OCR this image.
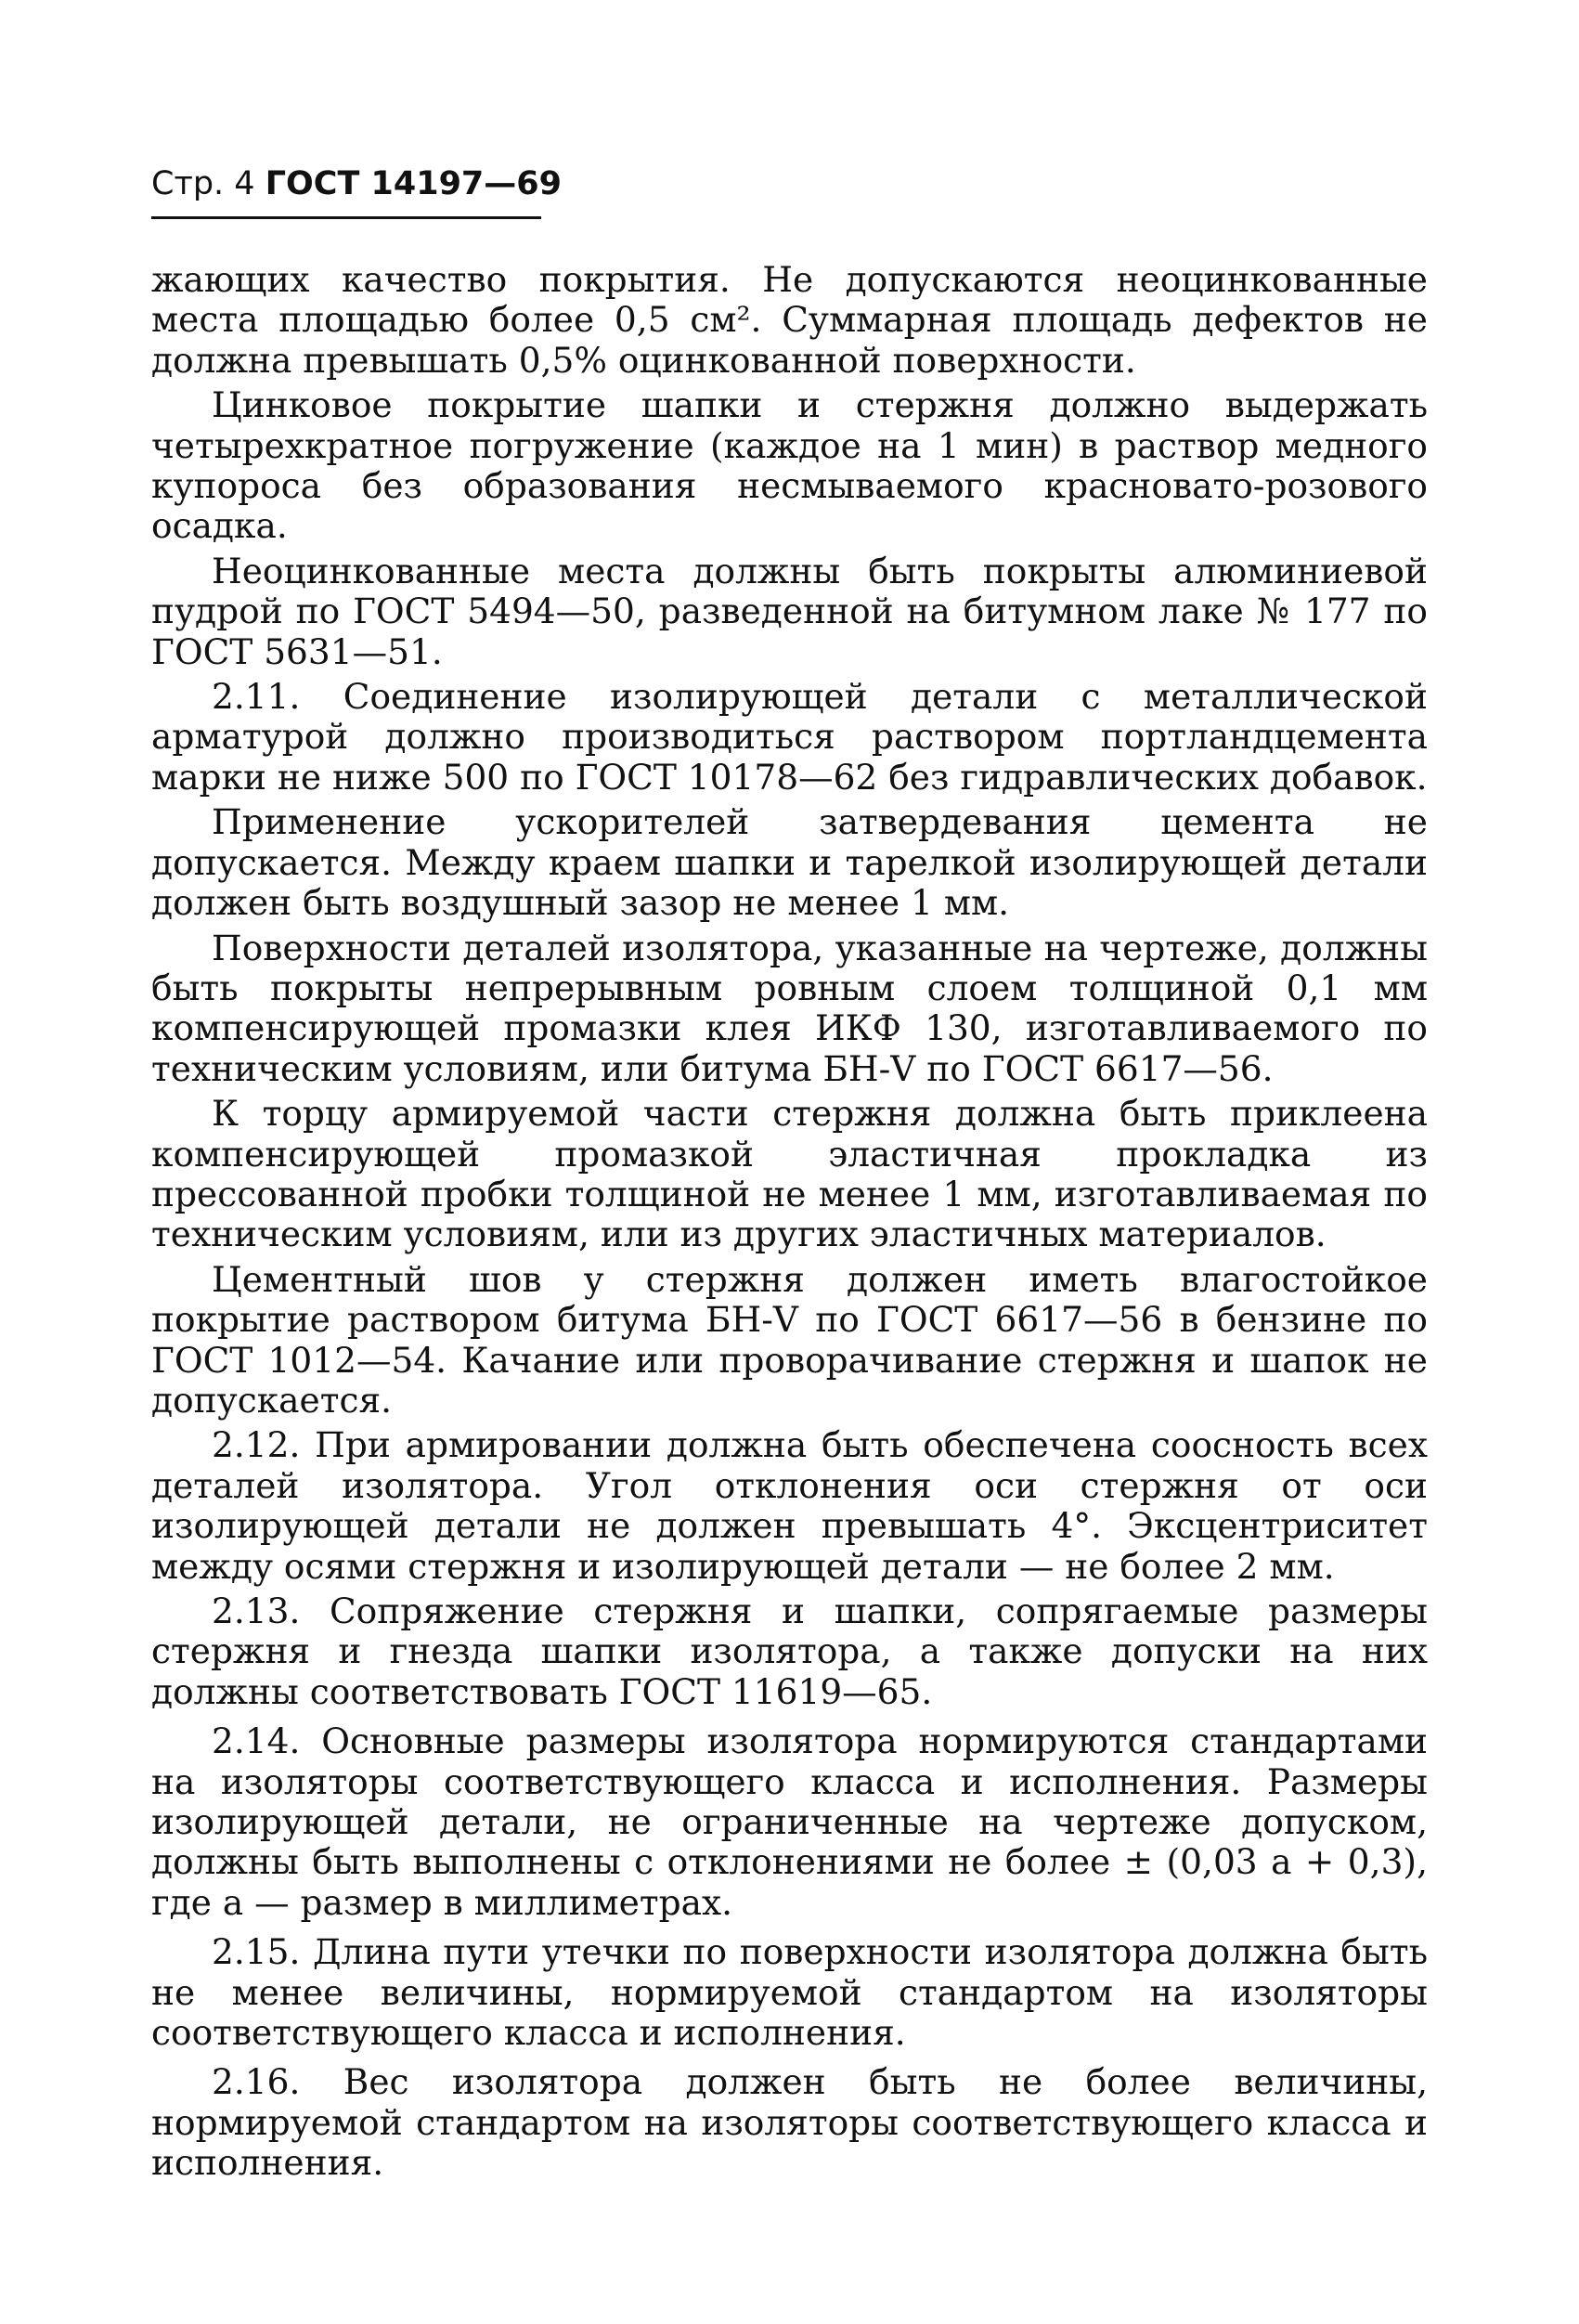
Стр. 4 ГОСТ 14197—69

жающих качество покрытия. Не допускаются неоцинкованные места площадью более 0,5 см². Суммарная площадь дефектов не должна превышать 0,5% оцинкованной поверхности.

Цинковое покрытие шапки и стержня должно выдержать четырехкратное погружение (каждое на 1 мин) в раствор медного купороса без образования несмываемого красновато-розового осадка.

Неоцинкованные места должны быть покрыты алюминиевой пудрой по ГОСТ 5494—50, разведенной на битумном лаке № 177 по ГОСТ 5631—51.

2.11. Соединение изолирующей детали с металлической арматурой должно производиться раствором портландцемента марки не ниже 500 по ГОСТ 10178—62 без гидравлических добавок.

Применение ускорителей затвердевания цемента не допускается. Между краем шапки и тарелкой изолирующей детали должен быть воздушный зазор не менее 1 мм.

Поверхности деталей изолятора, указанные на чертеже, должны быть покрыты непрерывным ровным слоем толщиной 0,1 мм компенсирующей промазки клея ИКФ 130, изготавливаемого по техническим условиям, или битума БН-V по ГОСТ 6617—56.

К торцу армируемой части стержня должна быть приклеена компенсирующей промазкой эластичная прокладка из прессованной пробки толщиной не менее 1 мм, изготавливаемая по техническим условиям, или из других эластичных материалов.

Цементный шов у стержня должен иметь влагостойкое покрытие раствором битума БН-V по ГОСТ 6617—56 в бензине по ГОСТ 1012—54. Качание или проворачивание стержня и шапок не допускается.

2.12. При армировании должна быть обеспечена соосность всех деталей изолятора. Угол отклонения оси стержня от оси изолирующей детали не должен превышать 4°. Эксцентриситет между осями стержня и изолирующей детали — не более 2 мм.

2.13. Сопряжение стержня и шапки, сопрягаемые размеры стержня и гнезда шапки изолятора, а также допуски на них должны соответствовать ГОСТ 11619—65.

2.14. Основные размеры изолятора нормируются стандартами на изоляторы соответствующего класса и исполнения. Размеры изолирующей детали, не ограниченные на чертеже допуском, должны быть выполнены с отклонениями не более ± (0,03 a + 0,3), где a — размер в миллиметрах.

2.15. Длина пути утечки по поверхности изолятора должна быть не менее величины, нормируемой стандартом на изоляторы соответствующего класса и исполнения.

2.16. Вес изолятора должен быть не более величины, нормируемой стандартом на изоляторы соответствующего класса и исполнения.
